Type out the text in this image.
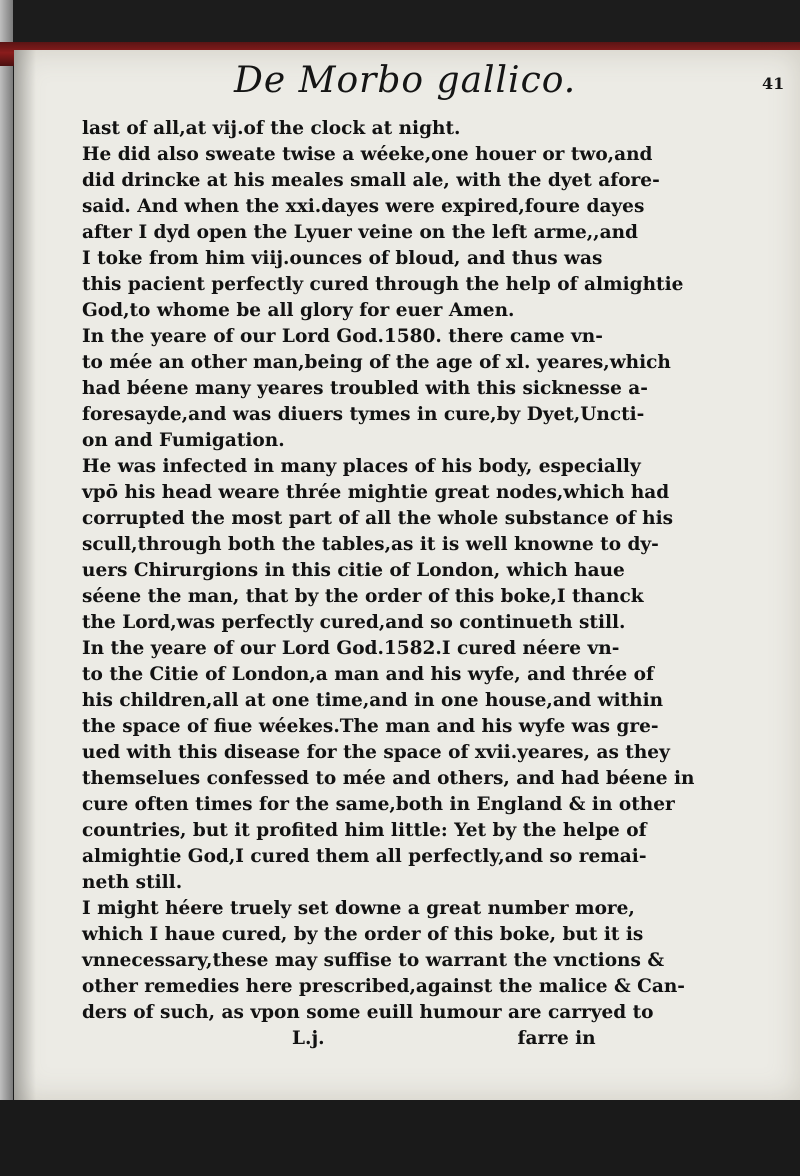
De Morbo gallico.	41
last of all,at vij.of the clock at night.
He did also sweate twise a wéeke,one houer or two,and
did drincke at his meales small ale, with the dyet afore-
said. And when the xxi.dayes were expired,foure dayes
after I dyd open the Lyuer veine on the left arme,,and
I toke from him viij.ounces of bloud, and thus was
this pacient perfectly cured through the help of almightie
God,to whome be all glory for euer Amen.
In the yeare of our Lord God.1580. there came vn-
to mée an other man,being of the age of xl. yeares,which
had béene many yeares troubled with this sicknesse a-
foresayde,and was diuers tymes in cure,by Dyet,Uncti-
on and Fumigation.
He was infected in many places of his body, especially
vpō his head weare thrée mightie great nodes,which had
corrupted the most part of all the whole substance of his
scull,through both the tables,as it is well knowne to dy-
uers Chirurgions in this citie of London, which haue
séene the man, that by the order of this boke,I thanck
the Lord,was perfectly cured,and so continueth still.
In the yeare of our Lord God.1582.I cured néere vn-
to the Citie of London,a man and his wyfe, and thrée of
his children,all at one time,and in one house,and within
the space of fiue wéekes.The man and his wyfe was gre-
ued with this disease for the space of xvii.yeares, as they
themselues confessed to mée and others, and had béene in
cure often times for the same,both in England & in other
countries, but it profited him little: Yet by the helpe of
almightie God,I cured them all perfectly,and so remai-
neth still.
I might héere truely set downe a great number more,
which I haue cured, by the order of this boke, but it is
vnnecessary,these may suffise to warrant the vnctions &
other remedies here prescribed,against the malice & Can-
ders of such, as vpon some euill humour are carryed to
L.j.	farre in
